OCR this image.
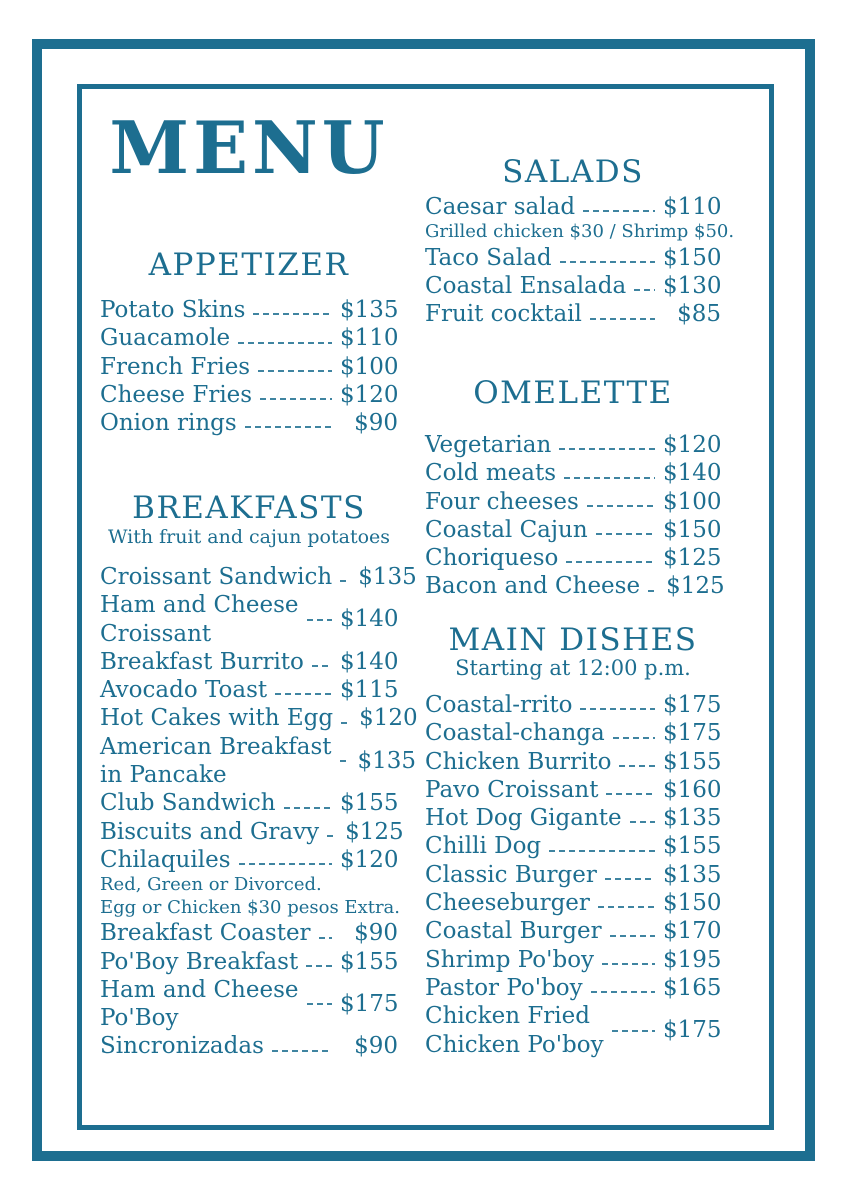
MENU
APPETIZER
Potato Skins	$135
Guacamole	$110
French Fries	$100
Cheese Fries	$120
Onion rings	$90
BREAKFASTS
With fruit and cajun potatoes
Croissant Sandwich $135
Ham and Cheese
Croissant
$140
Breakfast Burrito $140
Avocado Toast	$115
Hot Cakes with Egg $120
American Breakfast
in Pancake
$135
Club Sandwich	$155
Biscuits and Gravy $125
Chilaquiles	$120
Red, Green or Divorced.
Egg or Chicken $30 pesos Extra.
Breakfast Coaster	$90
Po'Boy Breakfast $155
Ham and Cheese
Po'Boy
$175
Sincronizadas	$90
SALADS
Caesar salad	$110
Grilled chicken $30 / Shrimp $50.
Taco Salad	$150
Coastal Ensalada $130
Fruit cocktail	$85
OMELETTE
Vegetarian	$120
Cold meats	$140
Four cheeses	$100
Coastal Cajun	$150
Choriqueso	$125
Bacon and Cheese $125
MAIN DISHES
Starting at 12:00 p.m.
Coastal-rrito	$175
Coastal-changa	$175
Chicken Burrito $155
Pavo Croissant	$160
Hot Dog Gigante $135
Chilli Dog	$155
Classic Burger	$135
Cheeseburger	$150
Coastal Burger	$170
Shrimp Po'boy	$195
Pastor Po'boy	$165
Chicken Fried
Chicken Po'boy
$175
